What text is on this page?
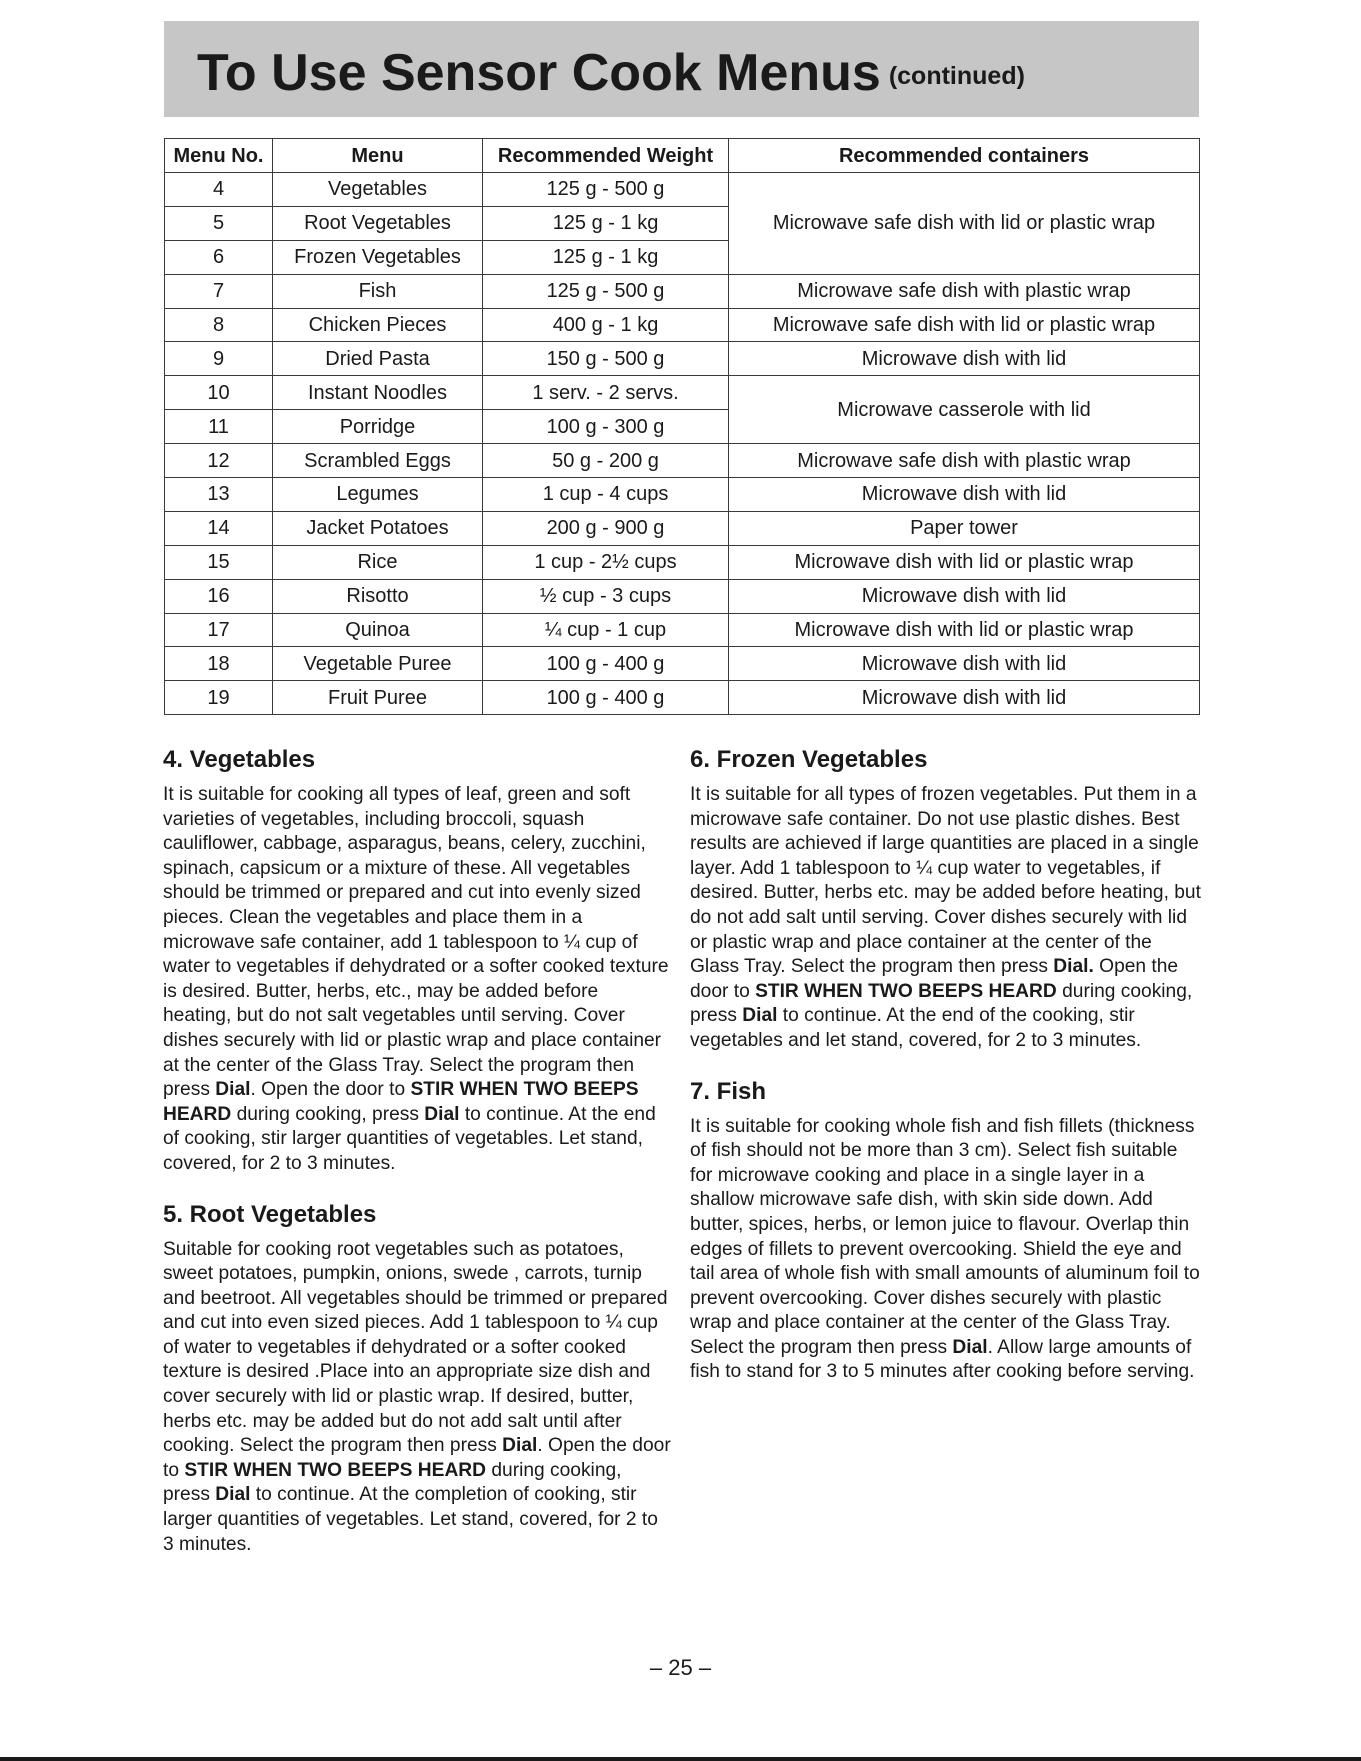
To Use Sensor Cook Menus (continued)
Menu No.	Menu	Recommended Weight	Recommended containers
4	Vegetables	125 g - 500 g	Microwave safe dish with lid or plastic wrap
5	Root Vegetables	125 g - 1 kg	
6	Frozen Vegetables	125 g - 1 kg	
7	Fish	125 g - 500 g	Microwave safe dish with plastic wrap
8	Chicken Pieces	400 g - 1 kg	Microwave safe dish with lid or plastic wrap
9	Dried Pasta	150 g - 500 g	Microwave dish with lid
10	Instant Noodles	1 serv. - 2 servs.	Microwave casserole with lid
11	Porridge	100 g - 300 g	
12	Scrambled Eggs	50 g - 200 g	Microwave safe dish with plastic wrap
13	Legumes	1 cup - 4 cups	Microwave dish with lid
14	Jacket Potatoes	200 g - 900 g	Paper tower
15	Rice	1 cup - 2½ cups	Microwave dish with lid or plastic wrap
16	Risotto	½ cup - 3 cups	Microwave dish with lid
17	Quinoa	¼ cup - 1 cup	Microwave dish with lid or plastic wrap
18	Vegetable Puree	100 g - 400 g	Microwave dish with lid
19	Fruit Puree	100 g - 400 g	Microwave dish with lid
4. Vegetables

It is suitable for cooking all types of leaf, green and soft varieties of vegetables, including broccoli, squash cauliflower, cabbage, asparagus, beans, celery, zucchini, spinach, capsicum or a mixture of these. All vegetables should be trimmed or prepared and cut into evenly sized pieces. Clean the vegetables and place them in a microwave safe container, add 1 tablespoon to ¼ cup of water to vegetables if dehydrated or a softer cooked texture is desired. Butter, herbs, etc., may be added before heating, but do not salt vegetables until serving. Cover dishes securely with lid or plastic wrap and place container at the center of the Glass Tray. Select the program then press Dial. Open the door to STIR WHEN TWO BEEPS HEARD during cooking, press Dial to continue. At the end of cooking, stir larger quantities of vegetables. Let stand, covered, for 2 to 3 minutes.

5. Root Vegetables

Suitable for cooking root vegetables such as potatoes, sweet potatoes, pumpkin, onions, swede , carrots, turnip and beetroot. All vegetables should be trimmed or prepared and cut into even sized pieces. Add 1 tablespoon to ¼ cup of water to vegetables if dehydrated or a softer cooked texture is desired .Place into an appropriate size dish and cover securely with lid or plastic wrap. If desired, butter, herbs etc. may be added but do not add salt until after cooking. Select the program then press Dial. Open the door to STIR WHEN TWO BEEPS HEARD during cooking, press Dial to continue. At the completion of cooking, stir larger quantities of vegetables. Let stand, covered, for 2 to 3 minutes.

6. Frozen Vegetables

It is suitable for all types of frozen vegetables. Put them in a microwave safe container. Do not use plastic dishes. Best results are achieved if large quantities are placed in a single layer. Add 1 tablespoon to ¼ cup water to vegetables, if desired. Butter, herbs etc. may be added before heating, but do not add salt until serving. Cover dishes securely with lid or plastic wrap and place container at the center of the Glass Tray. Select the program then press Dial. Open the door to STIR WHEN TWO BEEPS HEARD during cooking, press Dial to continue. At the end of the cooking, stir vegetables and let stand, covered, for 2 to 3 minutes.

7. Fish

It is suitable for cooking whole fish and fish fillets (thickness of fish should not be more than 3 cm). Select fish suitable for microwave cooking and place in a single layer in a shallow microwave safe dish, with skin side down. Add butter, spices, herbs, or lemon juice to flavour. Overlap thin edges of fillets to prevent overcooking. Shield the eye and tail area of whole fish with small amounts of aluminum foil to prevent overcooking. Cover dishes securely with plastic wrap and place container at the center of the Glass Tray. Select the program then press Dial. Allow large amounts of fish to stand for 3 to 5 minutes after cooking before serving.

– 25 –
